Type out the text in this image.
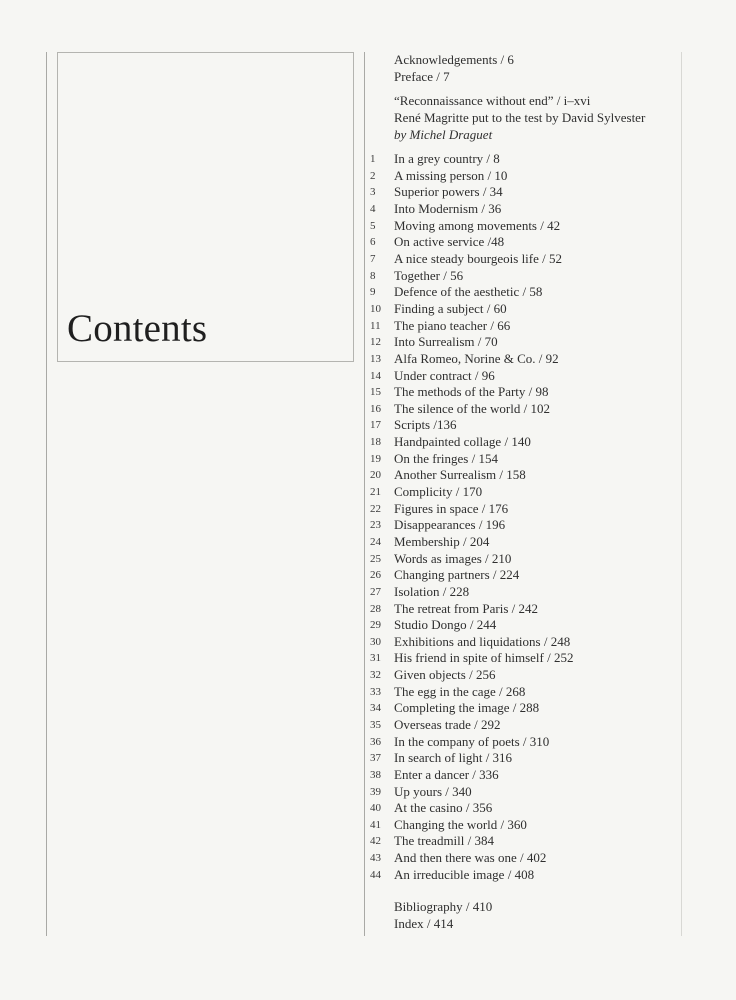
Contents
Acknowledgements / 6
Preface / 7
“Reconnaissance without end” / i–xvi
René Magritte put to the test by David Sylvester
by Michel Draguet
1	In a grey country / 8
2	A missing person / 10
3	Superior powers / 34
4	Into Modernism / 36
5	Moving among movements / 42
6	On active service /48
7	A nice steady bourgeois life / 52
8	Together / 56
9	Defence of the aesthetic / 58
10	Finding a subject / 60
11	The piano teacher / 66
12	Into Surrealism / 70
13	Alfa Romeo, Norine & Co. / 92
14	Under contract / 96
15	The methods of the Party / 98
16	The silence of the world / 102
17	Scripts /136
18	Handpainted collage / 140
19	On the fringes / 154
20	Another Surrealism / 158
21	Complicity / 170
22	Figures in space / 176
23	Disappearances / 196
24	Membership / 204
25	Words as images / 210
26	Changing partners / 224
27	Isolation / 228
28	The retreat from Paris / 242
29	Studio Dongo / 244
30	Exhibitions and liquidations / 248
31	His friend in spite of himself / 252
32	Given objects / 256
33	The egg in the cage / 268
34	Completing the image / 288
35	Overseas trade / 292
36	In the company of poets / 310
37	In search of light / 316
38	Enter a dancer / 336
39	Up yours / 340
40	At the casino / 356
41	Changing the world / 360
42	The treadmill / 384
43	And then there was one / 402
44	An irreducible image / 408
Bibliography / 410
Index / 414
